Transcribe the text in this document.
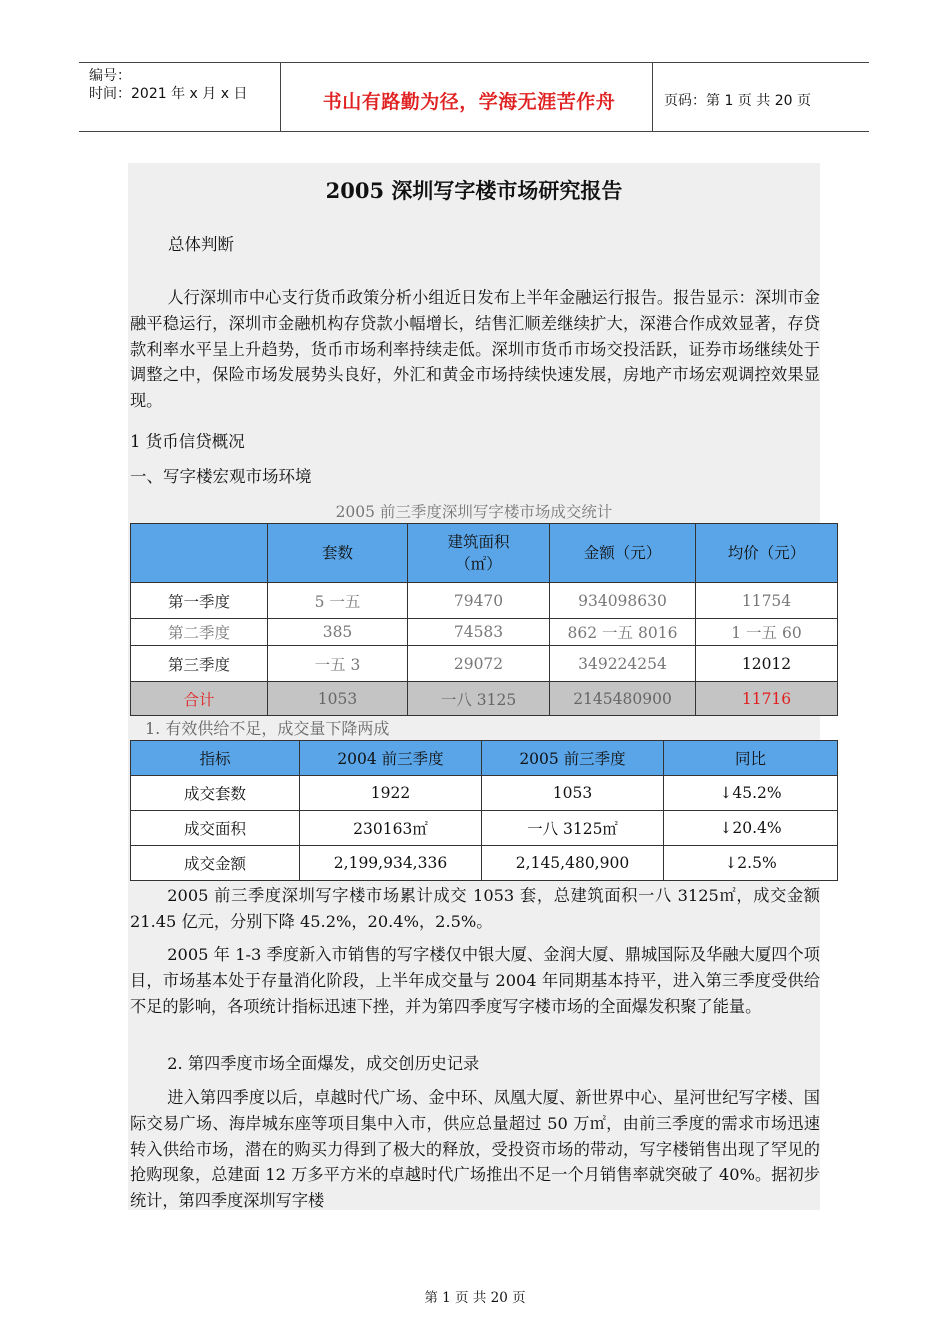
编号：
时间：2021 年 x 月 x 日	书山有路勤为径，学海无涯苦作舟	页码：第 1 页 共 20 页
2005 深圳写字楼市场研究报告

总体判断

人行深圳市中心支行货币政策分析小组近日发布上半年金融运行报告。报告显示：深圳市金融平稳运行，深圳市金融机构存贷款小幅增长，结售汇顺差继续扩大，深港合作成效显著，存贷款利率水平呈上升趋势，货币市场利率持续走低。深圳市货币市场交投活跃，证券市场继续处于调整之中，保险市场发展势头良好，外汇和黄金市场持续快速发展，房地产市场宏观调控效果显现。

1 货币信贷概况

一、写字楼宏观市场环境

2005 前三季度深圳写字楼市场成交统计
	套数	建筑面积（㎡）	金额（元）	均价（元）
第一季度	5 一五	79470	934098630	11754
第二季度	385	74583	862 一五 8016	1 一五 60
第三季度	一五 3	29072	349224254	12012
合计	1053	一八 3125	2145480900	11716
1. 有效供给不足，成交量下降两成
指标	2004 前三季度	2005 前三季度	同比
成交套数	1922	1053	↓45.2%
成交面积	230163㎡	一八 3125㎡	↓20.4%
成交金额	2,199,934,336	2,145,480,900	↓2.5%

2005 前三季度深圳写字楼市场累计成交 1053 套，总建筑面积一八 3125㎡，成交金额 21.45 亿元，分别下降 45.2%，20.4%，2.5%。

2005 年 1-3 季度新入市销售的写字楼仅中银大厦、金润大厦、鼎城国际及华融大厦四个项目，市场基本处于存量消化阶段，上半年成交量与 2004 年同期基本持平，进入第三季度受供给不足的影响，各项统计指标迅速下挫，并为第四季度写字楼市场的全面爆发积聚了能量。

2. 第四季度市场全面爆发，成交创历史记录

进入第四季度以后，卓越时代广场、金中环、凤凰大厦、新世界中心、星河世纪写字楼、国际交易广场、海岸城东座等项目集中入市，供应总量超过 50 万㎡，由前三季度的需求市场迅速转入供给市场，潜在的购买力得到了极大的释放，受投资市场的带动，写字楼销售出现了罕见的抢购现象，总建面 12 万多平方米的卓越时代广场推出不足一个月销售率就突破了 40%。据初步统计，第四季度深圳写字楼

第 1 页 共 20 页
